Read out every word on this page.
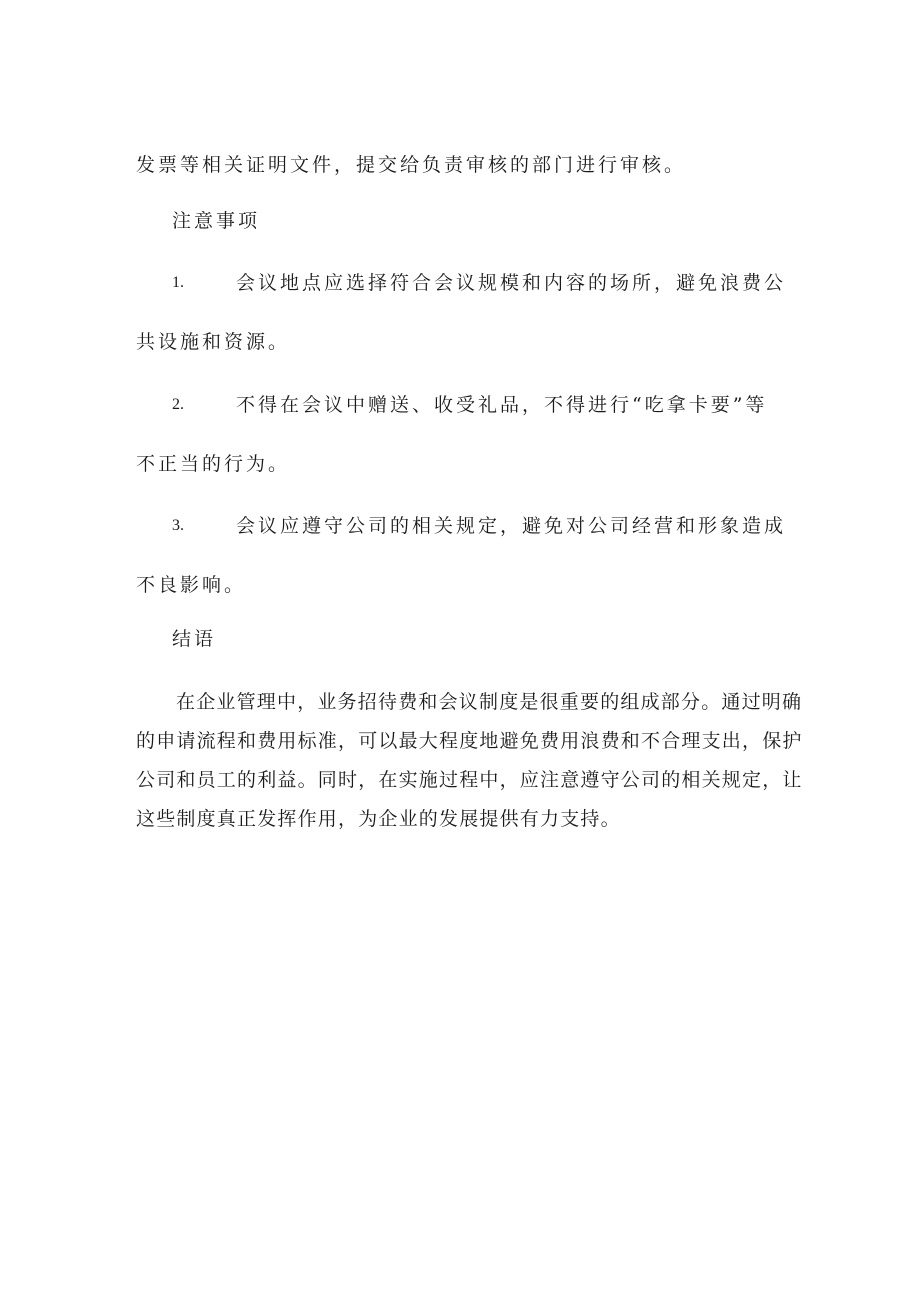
发票等相关证明文件，提交给负责审核的部门进行审核。
注意事项
1.	会议地点应选择符合会议规模和内容的场所，避免浪费公
共设施和资源。
2.	不得在会议中赠送、收受礼品，不得进行“吃拿卡要”等
不正当的行为。
3.	会议应遵守公司的相关规定，避免对公司经营和形象造成
不良影响。
结语
在企业管理中，业务招待费和会议制度是很重要的组成部分。通过明确
的申请流程和费用标准，可以最大程度地避免费用浪费和不合理支出，保护
公司和员工的利益。同时，在实施过程中，应注意遵守公司的相关规定，让
这些制度真正发挥作用，为企业的发展提供有力支持。
